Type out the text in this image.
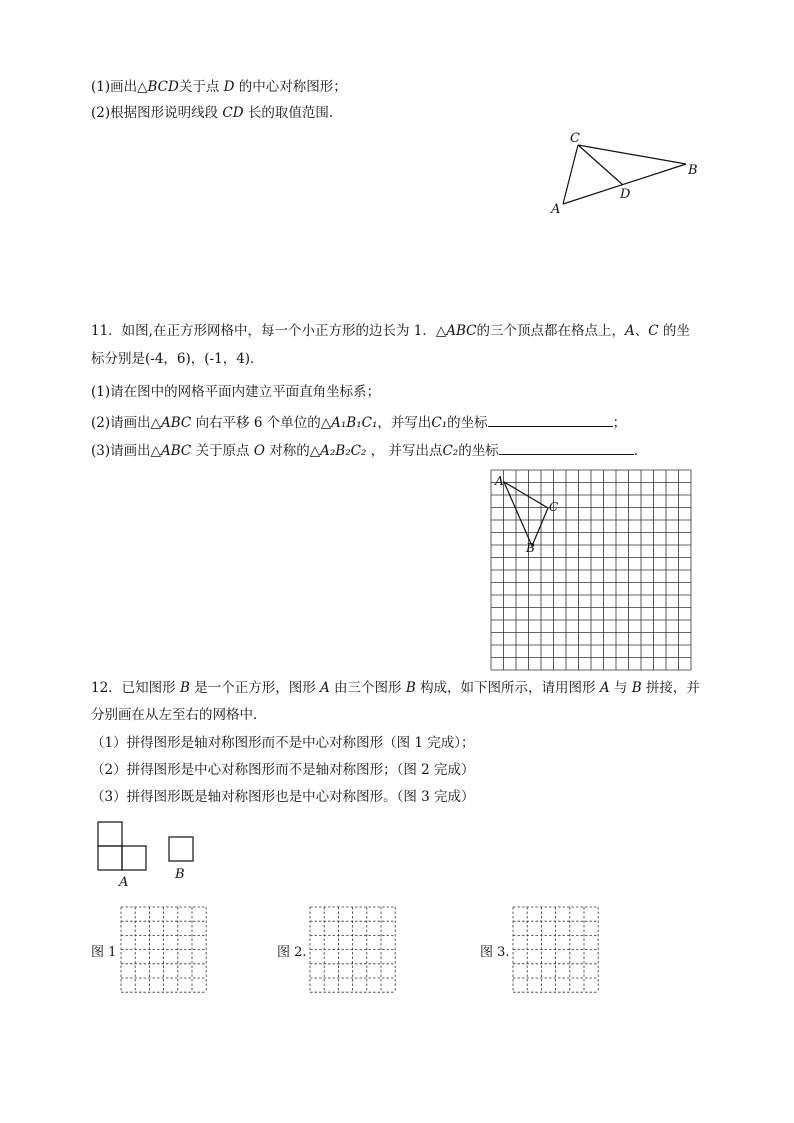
(1)画出△BCD关于点 D 的中心对称图形；
(2)根据图形说明线段 CD 长的取值范围.
C
B
D
A
11．如图,在正方形网格中，每一个小正方形的边长为 1．△ABC的三个顶点都在格点上，A、C 的坐
标分别是(-4，6)，(-1，4)．
(1)请在图中的网格平面内建立平面直角坐标系；
(2)请画出△ABC 向右平移 6 个单位的△A₁B₁C₁，并写出C₁的坐标	；
(3)请画出△ABC 关于原点 O 对称的△A₂B₂C₂ ， 并写出点C₂的坐标	．
A
C
B
12．已知图形 B 是一个正方形，图形 A 由三个图形 B 构成，如下图所示，请用图形 A 与 B 拼接，并
分别画在从左至右的网格中．
（1）拼得图形是轴对称图形而不是中心对称图形（图 1 完成）；
（2）拼得图形是中心对称图形而不是轴对称图形；（图 2 完成）
（3）拼得图形既是轴对称图形也是中心对称图形。（图 3 完成）
A
B
图 1	图 2.	图 3.
